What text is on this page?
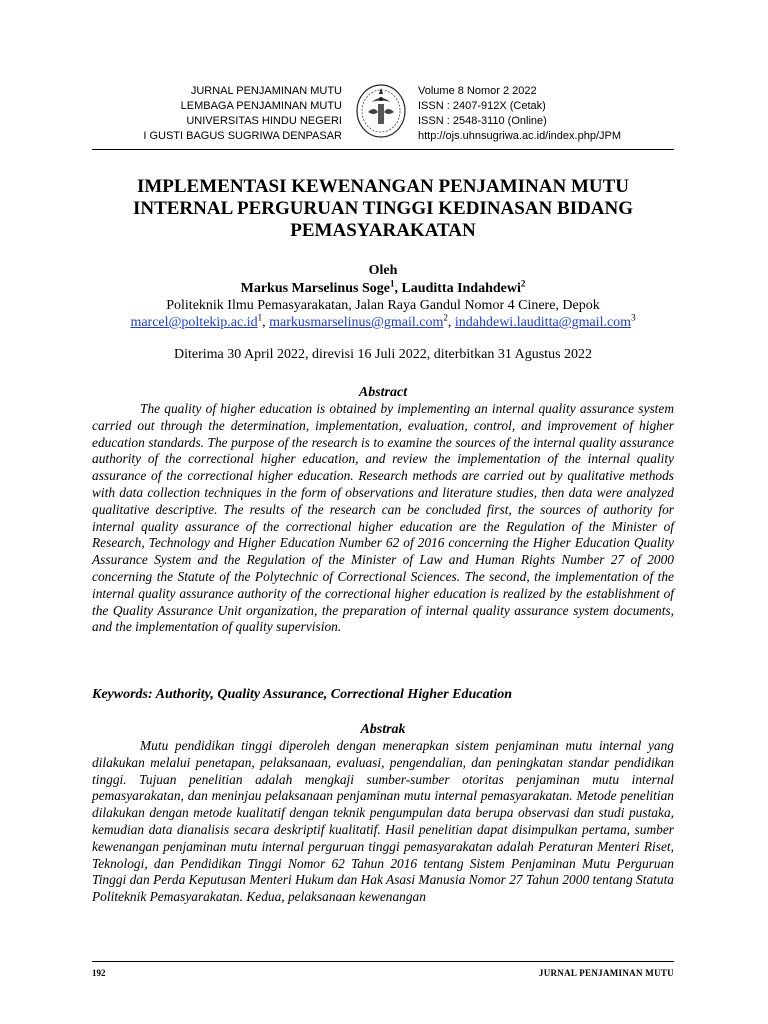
JURNAL PENJAMINAN MUTU
LEMBAGA PENJAMINAN MUTU
UNIVERSITAS HINDU NEGERI
I GUSTI BAGUS SUGRIWA DENPASAR
Volume 8 Nomor 2 2022
ISSN : 2407-912X (Cetak)
ISSN : 2548-3110 (Online)
http://ojs.uhnsugriwa.ac.id/index.php/JPM
IMPLEMENTASI KEWENANGAN PENJAMINAN MUTU INTERNAL PERGURUAN TINGGI KEDINASAN BIDANG PEMASYARAKATAN
Oleh
Markus Marselinus Soge$^1$, Lauditta Indahdewi$^2$
Politeknik Ilmu Pemasyarakatan, Jalan Raya Gandul Nomor 4 Cinere, Depok
$marcel@poltekip.ac.id^1$, markusmarselinus@gmail.com$^2$, indahdewi.lauditta@gmail.com$^3$
Diterima 30 April 2022, direvisi 16 Juli 2022, diterbitkan 31 Agustus 2022
Abstract

The quality of higher education is obtained by implementing an internal quality assurance system carried out through the determination, implementation, evaluation, control, and improvement of higher education standards. The purpose of the research is to examine the sources of the internal quality assurance authority of the correctional higher education, and review the implementation of the internal quality assurance of the correctional higher education. Research methods are carried out by qualitative methods with data collection techniques in the form of observations and literature studies, then data were analyzed qualitative descriptive. The results of the research can be concluded first, the sources of authority for internal quality assurance of the correctional higher education are the Regulation of the Minister of Research, Technology and Higher Education Number 62 of 2016 concerning the Higher Education Quality Assurance System and the Regulation of the Minister of Law and Human Rights Number 27 of 2000 concerning the Statute of the Polytechnic of Correctional Sciences. The second, the implementation of the internal quality assurance authority of the correctional higher education is realized by the establishment of the Quality Assurance Unit organization, the preparation of internal quality assurance system documents, and the implementation of quality supervision.

Keywords: Authority, Quality Assurance, Correctional Higher Education
Abstrak

Mutu pendidikan tinggi diperoleh dengan menerapkan sistem penjaminan mutu internal yang dilakukan melalui penetapan, pelaksanaan, evaluasi, pengendalian, dan peningkatan standar pendidikan tinggi. Tujuan penelitian adalah mengkaji sumber-sumber otoritas penjaminan mutu internal pemasyarakatan, dan meninjau pelaksanaan penjaminan mutu internal pemasyarakatan. Metode penelitian dilakukan dengan metode kualitatif dengan teknik pengumpulan data berupa observasi dan studi pustaka, kemudian data dianalisis secara deskriptif kualitatif. Hasil penelitian dapat disimpulkan pertama, sumber kewenangan penjaminan mutu internal perguruan tinggi pemasyarakatan adalah Peraturan Menteri Riset, Teknologi, dan Pendidikan Tinggi Nomor 62 Tahun 2016 tentang Sistem Penjaminan Mutu Perguruan Tinggi dan Perda Keputusan Menteri Hukum dan Hak Asasi Manusia Nomor 27 Tahun 2000 tentang Statuta Politeknik Pemasyarakatan. Kedua, pelaksanaan kewenangan

192	JURNAL PENJAMINAN MUTU
